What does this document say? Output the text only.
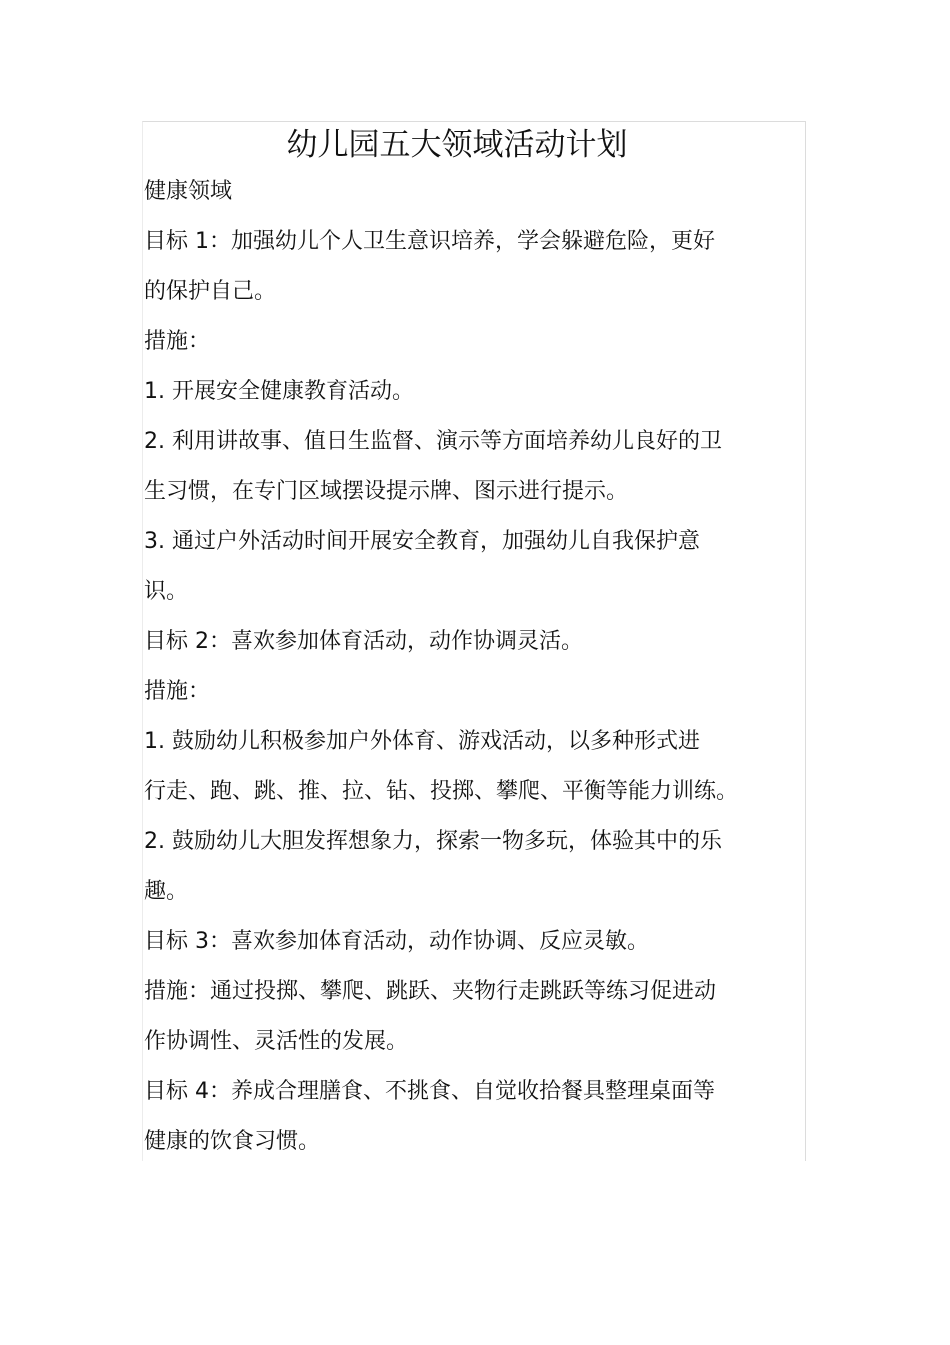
幼儿园五大领域活动计划

健康领域

目标 1：加强幼儿个人卫生意识培养，学会躲避危险，更好

的保护自己。

措施：

1. 开展安全健康教育活动。

2. 利用讲故事、值日生监督、演示等方面培养幼儿良好的卫

生习惯，在专门区域摆设提示牌、图示进行提示。

3. 通过户外活动时间开展安全教育，加强幼儿自我保护意

识。

目标 2：喜欢参加体育活动，动作协调灵活。

措施：

1. 鼓励幼儿积极参加户外体育、游戏活动，以多种形式进

行走、跑、跳、推、拉、钻、投掷、攀爬、平衡等能力训练。

2. 鼓励幼儿大胆发挥想象力，探索一物多玩，体验其中的乐

趣。

目标 3：喜欢参加体育活动，动作协调、反应灵敏。

措施：通过投掷、攀爬、跳跃、夹物行走跳跃等练习促进动

作协调性、灵活性的发展。

目标 4：养成合理膳食、不挑食、自觉收拾餐具整理桌面等

健康的饮食习惯。
